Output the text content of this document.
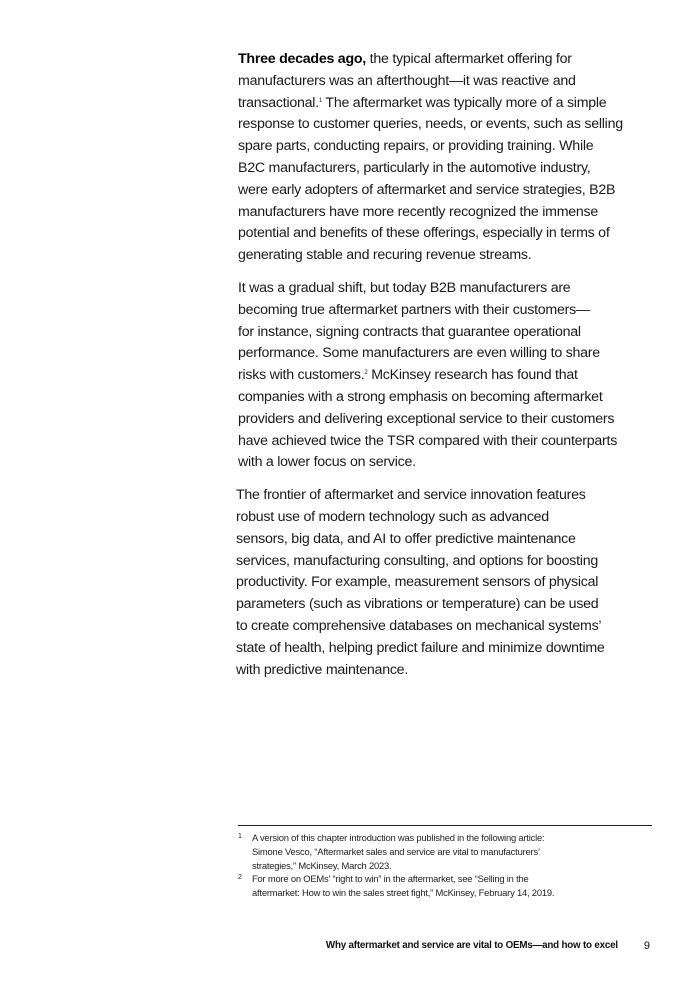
Three decades ago, the typical aftermarket offering for
manufacturers was an afterthought—it was reactive and
transactional.$^1$ The aftermarket was typically more of a simple
response to customer queries, needs, or events, such as selling
spare parts, conducting repairs, or providing training. While
B2C manufacturers, particularly in the automotive industry,
were early adopters of aftermarket and service strategies, B2B
manufacturers have more recently recognized the immense
potential and benefits of these offerings, especially in terms of
generating stable and recuring revenue streams.

It was a gradual shift, but today B2B manufacturers are
becoming true aftermarket partners with their customers—
for instance, signing contracts that guarantee operational
performance. Some manufacturers are even willing to share
risks with customers.$^2$ McKinsey research has found that
companies with a strong emphasis on becoming aftermarket
providers and delivering exceptional service to their customers
have achieved twice the TSR compared with their counterparts
with a lower focus on service.

The frontier of aftermarket and service innovation features
robust use of modern technology such as advanced
sensors, big data, and AI to offer predictive maintenance
services, manufacturing consulting, and options for boosting
productivity. For example, measurement sensors of physical
parameters (such as vibrations or temperature) can be used
to create comprehensive databases on mechanical systems’
state of health, helping predict failure and minimize downtime
with predictive maintenance.

1	A version of this chapter introduction was published in the following article:
Simone Vesco, “Aftermarket sales and service are vital to manufacturers’
strategies,” McKinsey, March 2023.
2	For more on OEMs’ “right to win” in the aftermarket, see “Selling in the
aftermarket: How to win the sales street fight,” McKinsey, February 14, 2019.
Why aftermarket and service are vital to OEMs—and how to excel 9
